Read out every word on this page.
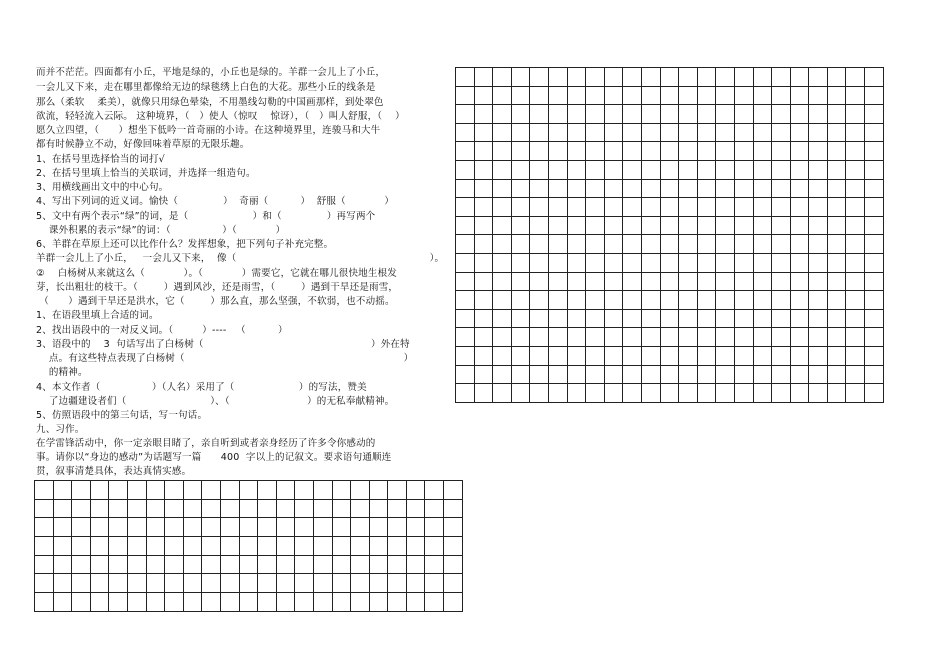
而并不茫茫。四面都有小丘，平地是绿的，小丘也是绿的。羊群一会儿上了小丘，
一会儿又下来，走在哪里都像给无边的绿毯绣上白色的大花。那些小丘的线条是
那么（柔软    柔美），就像只用绿色晕染，不用墨线勾勒的中国画那样，到处翠色
欲流，轻轻流入云际。 这种境界，（   ）使人（惊叹    惊讶），（   ）叫人舒服，（    ）
愿久立四望，（      ）想坐下低吟一首奇丽的小诗。在这种境界里，连骏马和大牛
都有时候静立不动，好像回味着草原的无限乐趣。
1、在括号里选择恰当的词打√
2、在括号里填上恰当的关联词，并选择一组造句。
3、用横线画出文中的中心句。
4、写出下列词的近义词。愉快（              ）  奇丽（          ）  舒服（            ）
5、文中有两个表示“绿”的词，是（                    ）和（              ）再写两个
课外积累的表示“绿”的词：（                ）（            ）
6、羊群在草原上还可以比作什么？发挥想象，把下列句子补充完整。
羊群一会儿上了小丘，   一会儿又下来，  像（                                                            ）。
②    白杨树从来就这么（            ）。（            ）需要它，它就在哪儿很快地生根发
芽，长出粗壮的枝干。（        ）遇到风沙，还是雨雪，（        ）遇到干旱还是雨雪，
（      ）遇到干旱还是洪水，它（        ）那么直，那么坚强，不软弱，也不动摇。
1、在语段里填上合适的词。
2、找出语段中的一对反义词。（         ）----   （          ）
3、语段中的    3  句话写出了白杨树（                                                    ）外在特
点。有这些特点表现了白杨树（                                                                    ）
的精神。
4、本文作者（                ）（人名）采用了（                    ）的写法，赞美
了边疆建设者们（                          ）、（                        ）的无私奉献精神。
5、仿照语段中的第三句话，写一句话。
九、习作。
在学雷锋活动中，你一定亲眼目睹了，亲自听到或者亲身经历了许多令你感动的
事。请你以“身边的感动”为话题写一篇      400  字以上的记叙文。要求语句通顺连
贯，叙事清楚具体，表达真情实感。
